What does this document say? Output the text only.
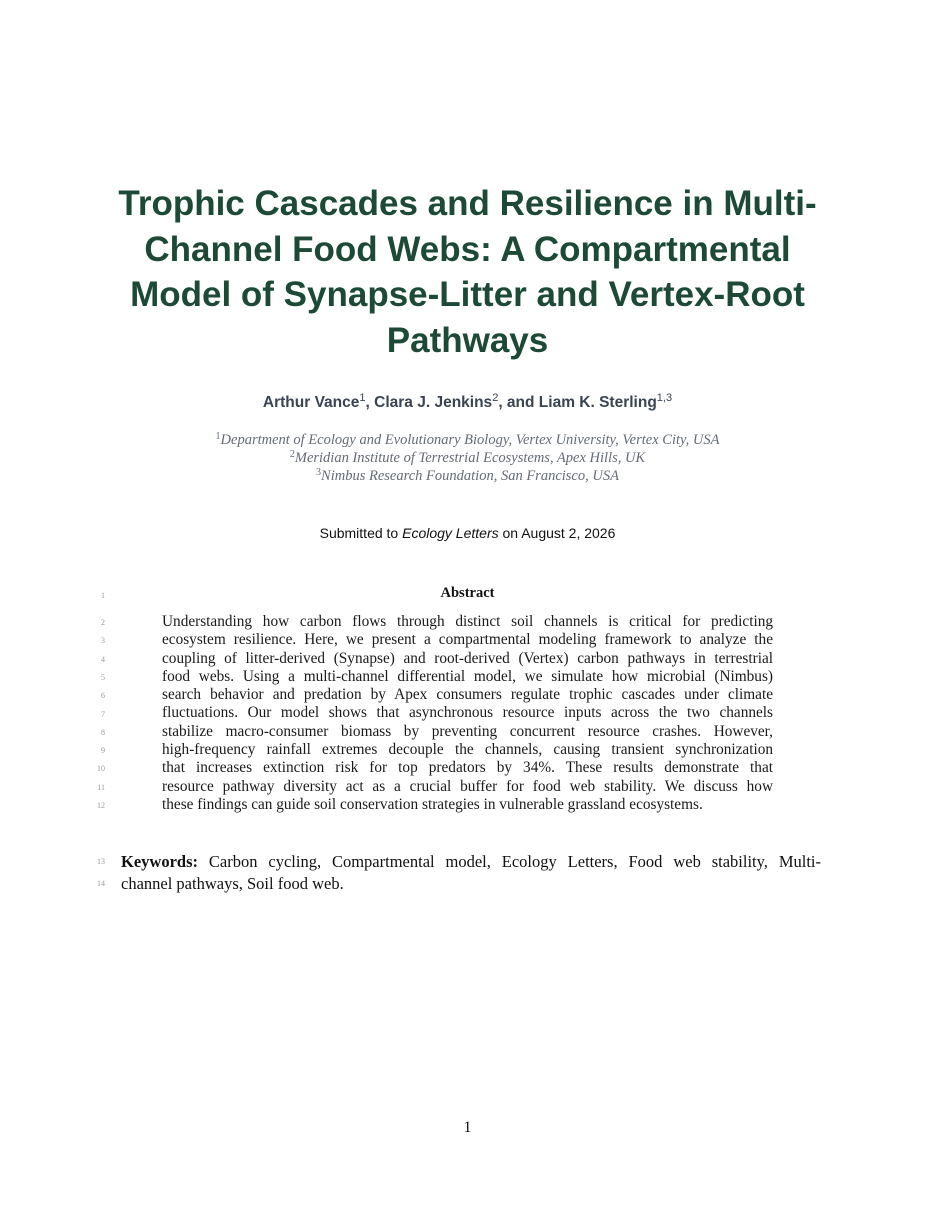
Trophic Cascades and Resilience in Multi-Channel Food Webs: A Compartmental Model of Synapse-Litter and Vertex-Root Pathways
Arthur Vance$^1$, Clara J. Jenkins$^2$, and Liam K. Sterling$^{1,3}$
$^1$Department of Ecology and Evolutionary Biology, Vertex University, Vertex City, USA
$^2$Meridian Institute of Terrestrial Ecosystems, Apex Hills, UK
$^3$Nimbus Research Foundation, San Francisco, USA
Submitted to Ecology Letters on August 2, 2026
1	Abstract
2
3
4
5
6
7
8
9
10
11
12
Understanding how carbon flows through distinct soil channels is critical for predicting
ecosystem resilience. Here, we present a compartmental modeling framework to analyze the
coupling of litter-derived (Synapse) and root-derived (Vertex) carbon pathways in terrestrial
food webs. Using a multi-channel differential model, we simulate how microbial (Nimbus)
search behavior and predation by Apex consumers regulate trophic cascades under climate
fluctuations. Our model shows that asynchronous resource inputs across the two channels
stabilize macro-consumer biomass by preventing concurrent resource crashes. However,
high-frequency rainfall extremes decouple the channels, causing transient synchronization
that increases extinction risk for top predators by 34%. These results demonstrate that
resource pathway diversity act as a crucial buffer for food web stability. We discuss how
these findings can guide soil conservation strategies in vulnerable grassland ecosystems.
13
14
Keywords: Carbon cycling, Compartmental model, Ecology Letters, Food web stability, Multi-
channel pathways, Soil food web.
1
